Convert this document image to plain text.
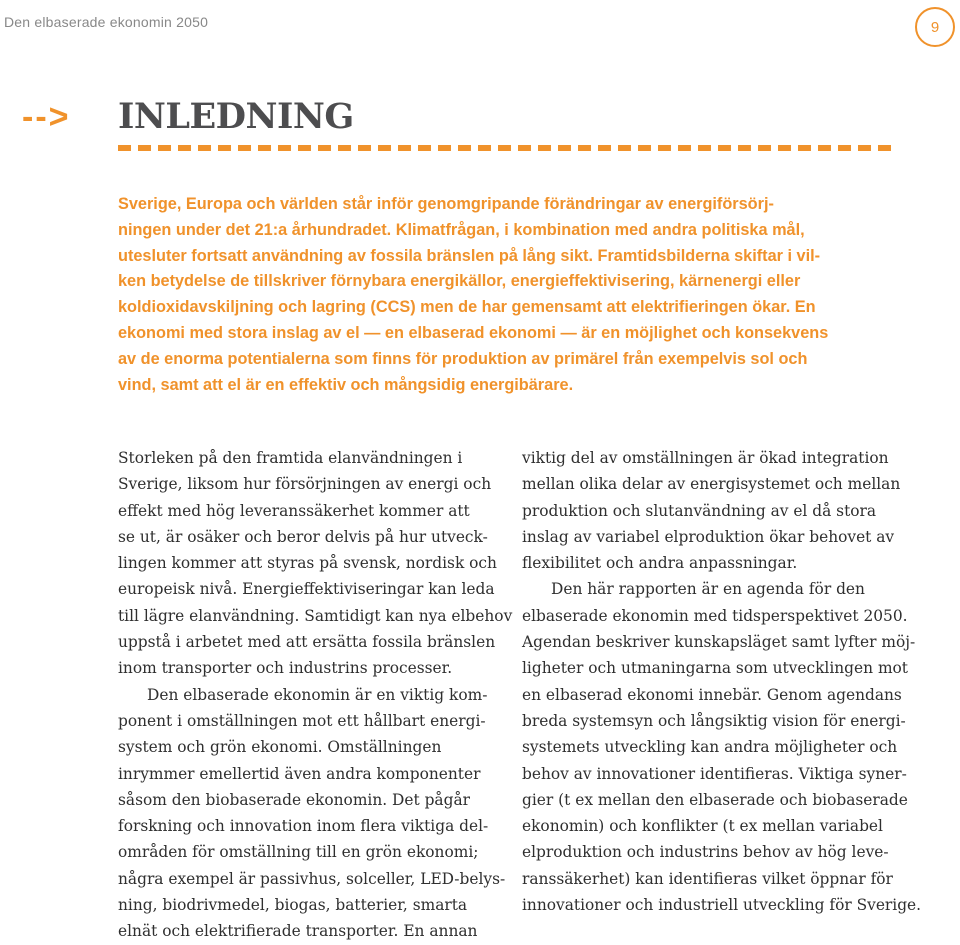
Den elbaserade ekonomin 2050	9
--> INLEDNING
Sverige, Europa och världen står inför genomgripande förändringar av energiförsörj-
ningen under det 21:a århundradet. Klimatfrågan, i kombination med andra politiska mål,
utesluter fortsatt användning av fossila bränslen på lång sikt. Framtidsbilderna skiftar i vil-
ken betydelse de tillskriver förnybara energikällor, energieffektivisering, kärnenergi eller
koldioxidavskiljning och lagring (CCS) men de har gemensamt att elektrifieringen ökar. En
ekonomi med stora inslag av el — en elbaserad ekonomi — är en möjlighet och konsekvens
av de enorma potentialerna som finns för produktion av primärel från exempelvis sol och
vind, samt att el är en effektiv och mångsidig energibärare.
Storleken på den framtida elanvändningen i
Sverige, liksom hur försörjningen av energi och
effekt med hög leveranssäkerhet kommer att
se ut, är osäker och beror delvis på hur utveck-
lingen kommer att styras på svensk, nordisk och
europeisk nivå. Energieffektiviseringar kan leda
till lägre elanvändning. Samtidigt kan nya elbehov
uppstå i arbetet med att ersätta fossila bränslen
inom transporter och industrins processer.
Den elbaserade ekonomin är en viktig kom-
ponent i omställningen mot ett hållbart energi-
system och grön ekonomi. Omställningen
inrymmer emellertid även andra komponenter
såsom den biobaserade ekonomin. Det pågår
forskning och innovation inom flera viktiga del-
områden för omställning till en grön ekonomi;
några exempel är passivhus, solceller, LED-belys-
ning, biodrivmedel, biogas, batterier, smarta
elnät och elektrifierade transporter. En annan
viktig del av omställningen är ökad integration
mellan olika delar av energisystemet och mellan
produktion och slutanvändning av el då stora
inslag av variabel elproduktion ökar behovet av
flexibilitet och andra anpassningar.
Den här rapporten är en agenda för den
elbaserade ekonomin med tidsperspektivet 2050.
Agendan beskriver kunskapsläget samt lyfter möj-
ligheter och utmaningarna som utvecklingen mot
en elbaserad ekonomi innebär. Genom agendans
breda systemsyn och långsiktig vision för energi-
systemets utveckling kan andra möjligheter och
behov av innovationer identifieras. Viktiga syner-
gier (t ex mellan den elbaserade och biobaserade
ekonomin) och konflikter (t ex mellan variabel
elproduktion och industrins behov av hög leve-
ranssäkerhet) kan identifieras vilket öppnar för
innovationer och industriell utveckling för Sverige.
